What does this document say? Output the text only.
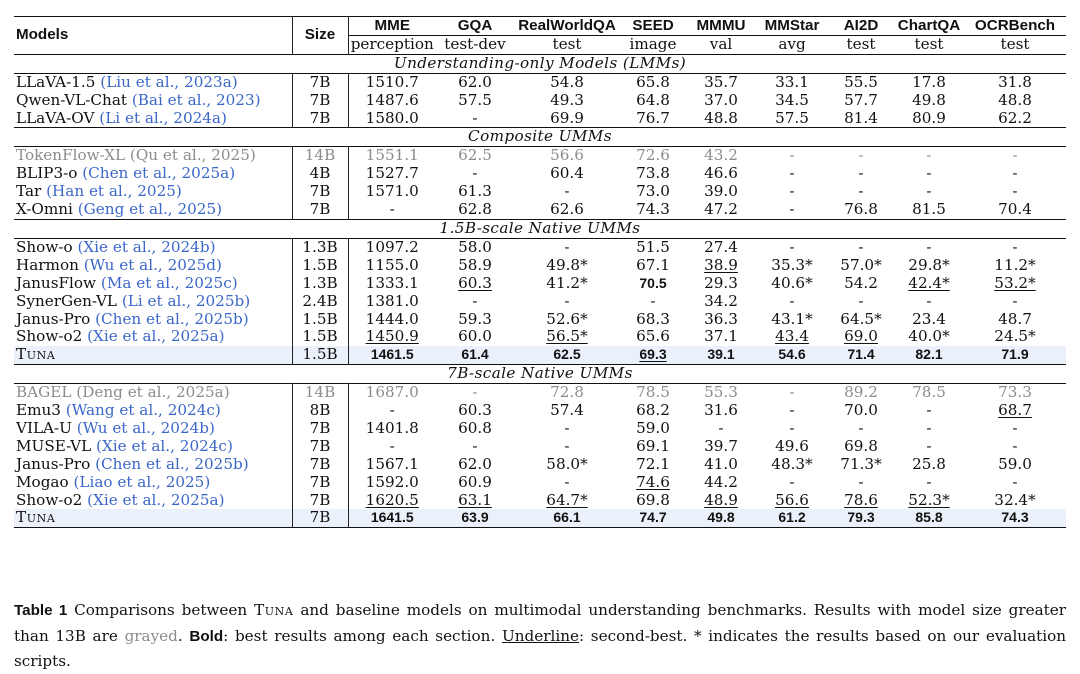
Models	Size	MME	GQA	RealWorldQA	SEED	MMMU	MMStar	AI2D	ChartQA	OCRBench
		perception	test-dev	test	image	val	avg	test	test	test
Understanding-only Models (LMMs)										
LLaVA-1.5 (Liu et al., 2023a)	7B	1510.7	62.0	54.8	65.8	35.7	33.1	55.5	17.8	31.8
Qwen-VL-Chat (Bai et al., 2023)	7B	1487.6	57.5	49.3	64.8	37.0	34.5	57.7	49.8	48.8
LLaVA-OV (Li et al., 2024a)	7B	1580.0	-	69.9	76.7	48.8	57.5	81.4	80.9	62.2
Composite UMMs										
TokenFlow-XL (Qu et al., 2025)	14B	1551.1	62.5	56.6	72.6	43.2	-	-	-	-
BLIP3-o (Chen et al., 2025a)	4B	1527.7	-	60.4	73.8	46.6	-	-	-	-
Tar (Han et al., 2025)	7B	1571.0	61.3	-	73.0	39.0	-	-	-	-
X-Omni (Geng et al., 2025)	7B	-	62.8	62.6	74.3	47.2	-	76.8	81.5	70.4
1.5B-scale Native UMMs										
Show-o (Xie et al., 2024b)	1.3B	1097.2	58.0	-	51.5	27.4	-	-	-	-
Harmon (Wu et al., 2025d)	1.5B	1155.0	58.9	49.8*	67.1	38.9	35.3*	57.0*	29.8*	11.2*
JanusFlow (Ma et al., 2025c)	1.3B	1333.1	60.3	41.2*	70.5	29.3	40.6*	54.2	42.4*	53.2*
SynerGen-VL (Li et al., 2025b)	2.4B	1381.0	-	-	-	34.2	-	-	-	-
Janus-Pro (Chen et al., 2025b)	1.5B	1444.0	59.3	52.6*	68.3	36.3	43.1*	64.5*	23.4	48.7
Show-o2 (Xie et al., 2025a)	1.5B	1450.9	60.0	56.5*	65.6	37.1	43.4	69.0	40.0*	24.5*
Tuna	1.5B	1461.5	61.4	62.5	69.3	39.1	54.6	71.4	82.1	71.9
7B-scale Native UMMs										
BAGEL (Deng et al., 2025a)	14B	1687.0	-	72.8	78.5	55.3	-	89.2	78.5	73.3
Emu3 (Wang et al., 2024c)	8B	-	60.3	57.4	68.2	31.6	-	70.0	-	68.7
VILA-U (Wu et al., 2024b)	7B	1401.8	60.8	-	59.0	-	-	-	-	-
MUSE-VL (Xie et al., 2024c)	7B	-	-	-	69.1	39.7	49.6	69.8	-	-
Janus-Pro (Chen et al., 2025b)	7B	1567.1	62.0	58.0*	72.1	41.0	48.3*	71.3*	25.8	59.0
Mogao (Liao et al., 2025)	7B	1592.0	60.9	-	74.6	44.2	-	-	-	-
Show-o2 (Xie et al., 2025a)	7B	1620.5	63.1	64.7*	69.8	48.9	56.6	78.6	52.3*	32.4*
Tuna	7B	1641.5	63.9	66.1	74.7	49.8	61.2	79.3	85.8	74.3
Table 1 Comparisons between Tuna and baseline models on multimodal understanding benchmarks. Results with model size greater than 13B are grayed. Bold: best results among each section. Underline: second-best. * indicates the results based on our evaluation scripts.
